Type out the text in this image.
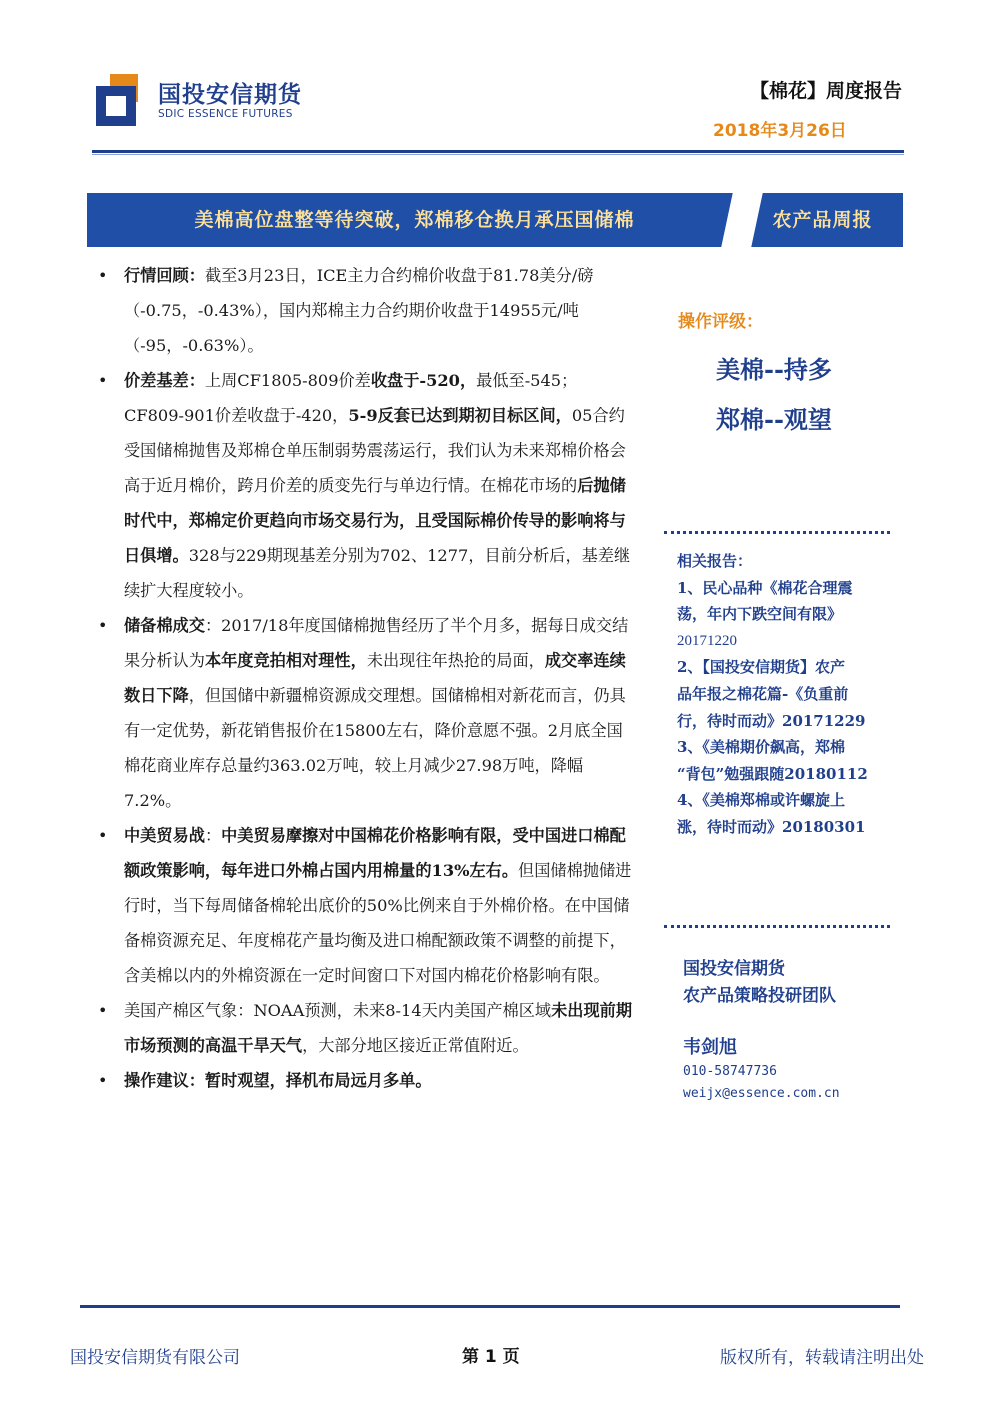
国投安信期货
SDIC ESSENCE FUTURES
【棉花】周度报告
2018年3月26日
美棉高位盘整等待突破，郑棉移仓换月承压国储棉	农产品周报
• 行情回顾：截至3月23日，ICE主力合约棉价收盘于81.78美分/磅（-0.75，-0.43%），国内郑棉主力合约期价收盘于14955元/吨（-95，-0.63%）。
• 价差基差：上周CF1805-809价差收盘于-520，最低至-545；CF809-901价差收盘于-420，5-9反套已达到期初目标区间，05合约受国储棉抛售及郑棉仓单压制弱势震荡运行，我们认为未来郑棉价格会高于近月棉价，跨月价差的质变先行与单边行情。在棉花市场的后抛储时代中，郑棉定价更趋向市场交易行为，且受国际棉价传导的影响将与日俱增。328与229期现基差分别为702、1277，目前分析后，基差继续扩大程度较小。
• 储备棉成交：2017/18年度国储棉抛售经历了半个月多，据每日成交结果分析认为本年度竞拍相对理性，未出现往年热抢的局面，成交率连续数日下降，但国储中新疆棉资源成交理想。国储棉相对新花而言，仍具有一定优势，新花销售报价在15800左右，降价意愿不强。2月底全国棉花商业库存总量约363.02万吨，较上月减少27.98万吨，降幅7.2%。
• 中美贸易战：中美贸易摩擦对中国棉花价格影响有限，受中国进口棉配额政策影响，每年进口外棉占国内用棉量的13%左右。但国储棉抛储进行时，当下每周储备棉轮出底价的50%比例来自于外棉价格。在中国储备棉资源充足、年度棉花产量均衡及进口棉配额政策不调整的前提下，含美棉以内的外棉资源在一定时间窗口下对国内棉花价格影响有限。
• 美国产棉区气象：NOAA预测，未来8-14天内美国产棉区域未出现前期市场预测的高温干旱天气，大部分地区接近正常值附近。
• 操作建议：暂时观望，择机布局远月多单。
操作评级：
美棉--持多
郑棉--观望
相关报告：
1、民心品种《棉花合理震
荡，年内下跌空间有限》
20171220
2、【国投安信期货】农产
品年报之棉花篇-《负重前
行，待时而动》20171229
3、《美棉期价飙高，郑棉
“背包”勉强跟随20180112
4、《美棉郑棉或许螺旋上
涨，待时而动》20180301
国投安信期货
农产品策略投研团队
韦剑旭
010-58747736
weijx@essence.com.cn
国投安信期货有限公司	第 1 页	版权所有，转载请注明出处
